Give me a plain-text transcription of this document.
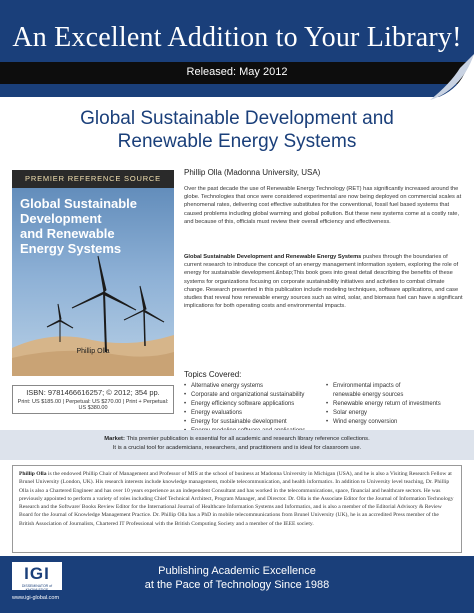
An Excellent Addition to Your Library!
Released: May 2012
Global Sustainable Development and
Renewable Energy Systems
PREMIER REFERENCE SOURCE
Global Sustainable
Development
and Renewable
Energy Systems
Phillip Olla
ISBN: 9781466616257; © 2012; 354 pp.
Print: US $185.00 | Perpetual: US $270.00 | Print + Perpetual: US $380.00
Phillip Olla (Madonna University, USA)
Over the past decade the use of Renewable Energy Technology (RET) has significantly increased around the globe. Technologies that once were considered experimental are now being deployed on commercial scales at phenomenal rates, delivering cost effective substitutes for the conventional, fossil fuel based systems that caused problems including global warming and global pollution. But these new systems come at a costly rate, and because of this, officials must review their overall efficiency and effectiveness.
Global Sustainable Development and Renewable Energy Systems pushes through the boundaries of current research to introduce the concept of an energy management information system, exploring the role of energy for sustainable development.&nbsp;This book goes into great detail describing the benefits of these systems for organizations focusing on corporate sustainability initiatives and activities to combat climate change. Research presented in this publication include modeling techniques, software applications, and case studies that reveal how renewable energy sources such as wind, solar, and biomass fuel can have a significant implications for both operating costs and environmental impacts.
Topics Covered:
• Alternative energy systems
• Corporate and organizational sustainability
• Energy efficiency software applications
• Energy evaluations
• Energy for sustainable development
•
• Environmental impacts of
renewable energy sources
• Renewable energy return of investments
• Solar energy
• Wind energy conversion
Market: This premier publication is essential for all academic and research library reference collections.
It is a crucial tool for academicians, researchers, and practitioners and is ideal for classroom use.
Phillip Olla is the endowed Phillip Chair of Management and Professor of MIS at the school of business at Madonna University in Michigan (USA), and he is also a Visiting Research Fellow at Brunel University (London, UK). His research interests include knowledge management, mobile telecommunication, and health informatics. In addition to University level teaching, Dr. Phillip Olla is also a Chartered Engineer and has over 10 years experience as an independent Consultant and has worked in the telecommunications, space, financial and healthcare sectors. He was previously appointed to perform a variety of roles including Chief Technical Architect, Program Manager, and Director. Dr. Olla is the Associate Editor for the Journal of Information Technology Research and the Software/ Books Review Editor for the International Journal of Healthcare Information Systems and Informatics, and is also a member of the Editorial Advisory & Review Board for the Journal of Knowledge Management Practice. Dr. Phillip Olla has a PhD in mobile telecommunications from Brunel University (UK), he is an accredited Press member of the British Association of Journalists, Chartered IT Professional with the British Computing Society and a member of the IEEE society.
IGI
DISSEMINATOR of KNOWLEDGE
www.igi-global.com
Publishing Academic Excellence
at the Pace of Technology Since 1988
